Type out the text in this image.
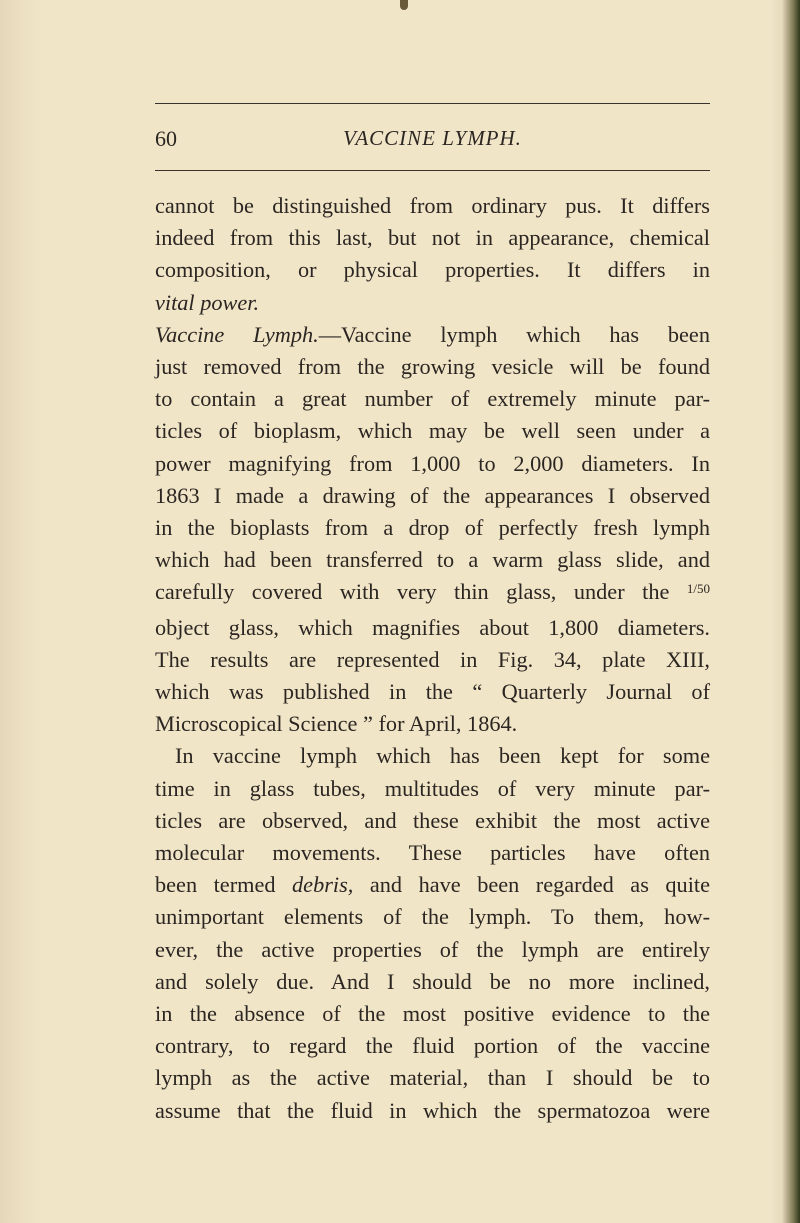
60	VACCINE LYMPH.

cannot be distinguished from ordinary pus. It differs

indeed from this last, but not in appearance, chemical

composition, or physical properties. It differs in

vital power.

Vaccine Lymph.—Vaccine lymph which has been

just removed from the growing vesicle will be found

to contain a great number of extremely minute par-

ticles of bioplasm, which may be well seen under a

power magnifying from 1,000 to 2,000 diameters. In

1863 I made a drawing of the appearances I observed

in the bioplasts from a drop of perfectly fresh lymph

which had been transferred to a warm glass slide, and

carefully covered with very thin glass, under the $^{1/50}$

object glass, which magnifies about 1,800 diameters.

The results are represented in Fig. 34, plate XIII,

which was published in the “ Quarterly Journal of

Microscopical Science ” for April, 1864.

In vaccine lymph which has been kept for some

time in glass tubes, multitudes of very minute par-

ticles are observed, and these exhibit the most active

molecular movements. These particles have often

been termed debris, and have been regarded as quite

unimportant elements of the lymph. To them, how-

ever, the active properties of the lymph are entirely

and solely due. And I should be no more inclined,

in the absence of the most positive evidence to the

contrary, to regard the fluid portion of the vaccine

lymph as the active material, than I should be to

assume that the fluid in which the spermatozoa were
